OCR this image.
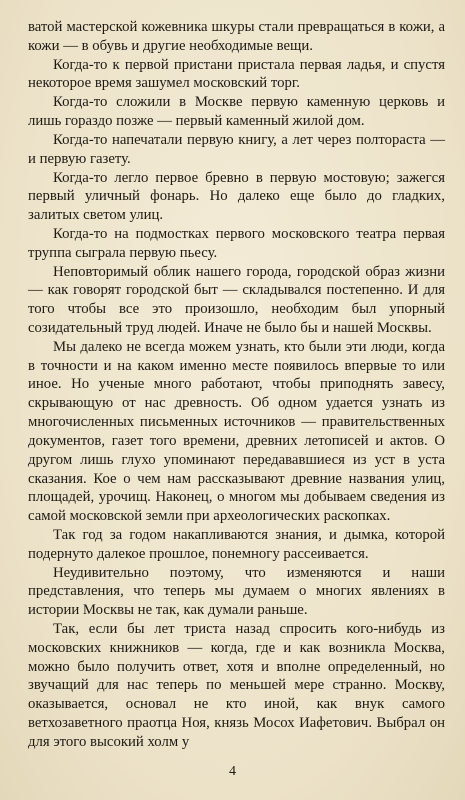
ватой мастерской кожевника шкуры стали превращаться в кожи, а кожи — в обувь и другие необходимые вещи.

Когда-то к первой пристани пристала первая ладья, и спустя некоторое время зашумел московский торг.

Когда-то сложили в Москве первую каменную церковь и лишь гораздо позже — первый каменный жилой дом.

Когда-то напечатали первую книгу, а лет через полтораста — и первую газету.

Когда-то легло первое бревно в первую мостовую; зажегся первый уличный фонарь. Но далеко еще было до гладких, залитых светом улиц.

Когда-то на подмостках первого московского театра первая труппа сыграла первую пьесу.

Неповторимый облик нашего города, городской образ жизни — как говорят городской быт — складывался постепенно. И для того чтобы все это произошло, необходим был упорный созидательный труд людей. Иначе не было бы и нашей Москвы.

Мы далеко не всегда можем узнать, кто были эти люди, когда в точности и на каком именно месте появилось впервые то или иное. Но ученые много работают, чтобы приподнять завесу, скрывающую от нас древность. Об одном удается узнать из многочисленных письменных источников — правительственных документов, газет того времени, древних летописей и актов. О другом лишь глухо упоминают передававшиеся из уст в уста сказания. Кое о чем нам рассказывают древние названия улиц, площадей, урочищ. Наконец, о многом мы добываем сведения из самой московской земли при археологических раскопках.

Так год за годом накапливаются знания, и дымка, которой подернуто далекое прошлое, понемногу рассеивается.

Неудивительно поэтому, что изменяются и наши представления, что теперь мы думаем о многих явлениях в истории Москвы не так, как думали раньше.

Так, если бы лет триста назад спросить кого-нибудь из московских книжников — когда, где и как возникла Москва, можно было получить ответ, хотя и вполне определенный, но звучащий для нас теперь по меньшей мере странно. Москву, оказывается, основал не кто иной, как внук самого ветхозаветного праотца Ноя, князь Мосох Иафетович. Выбрал он для этого высокий холм у

4
